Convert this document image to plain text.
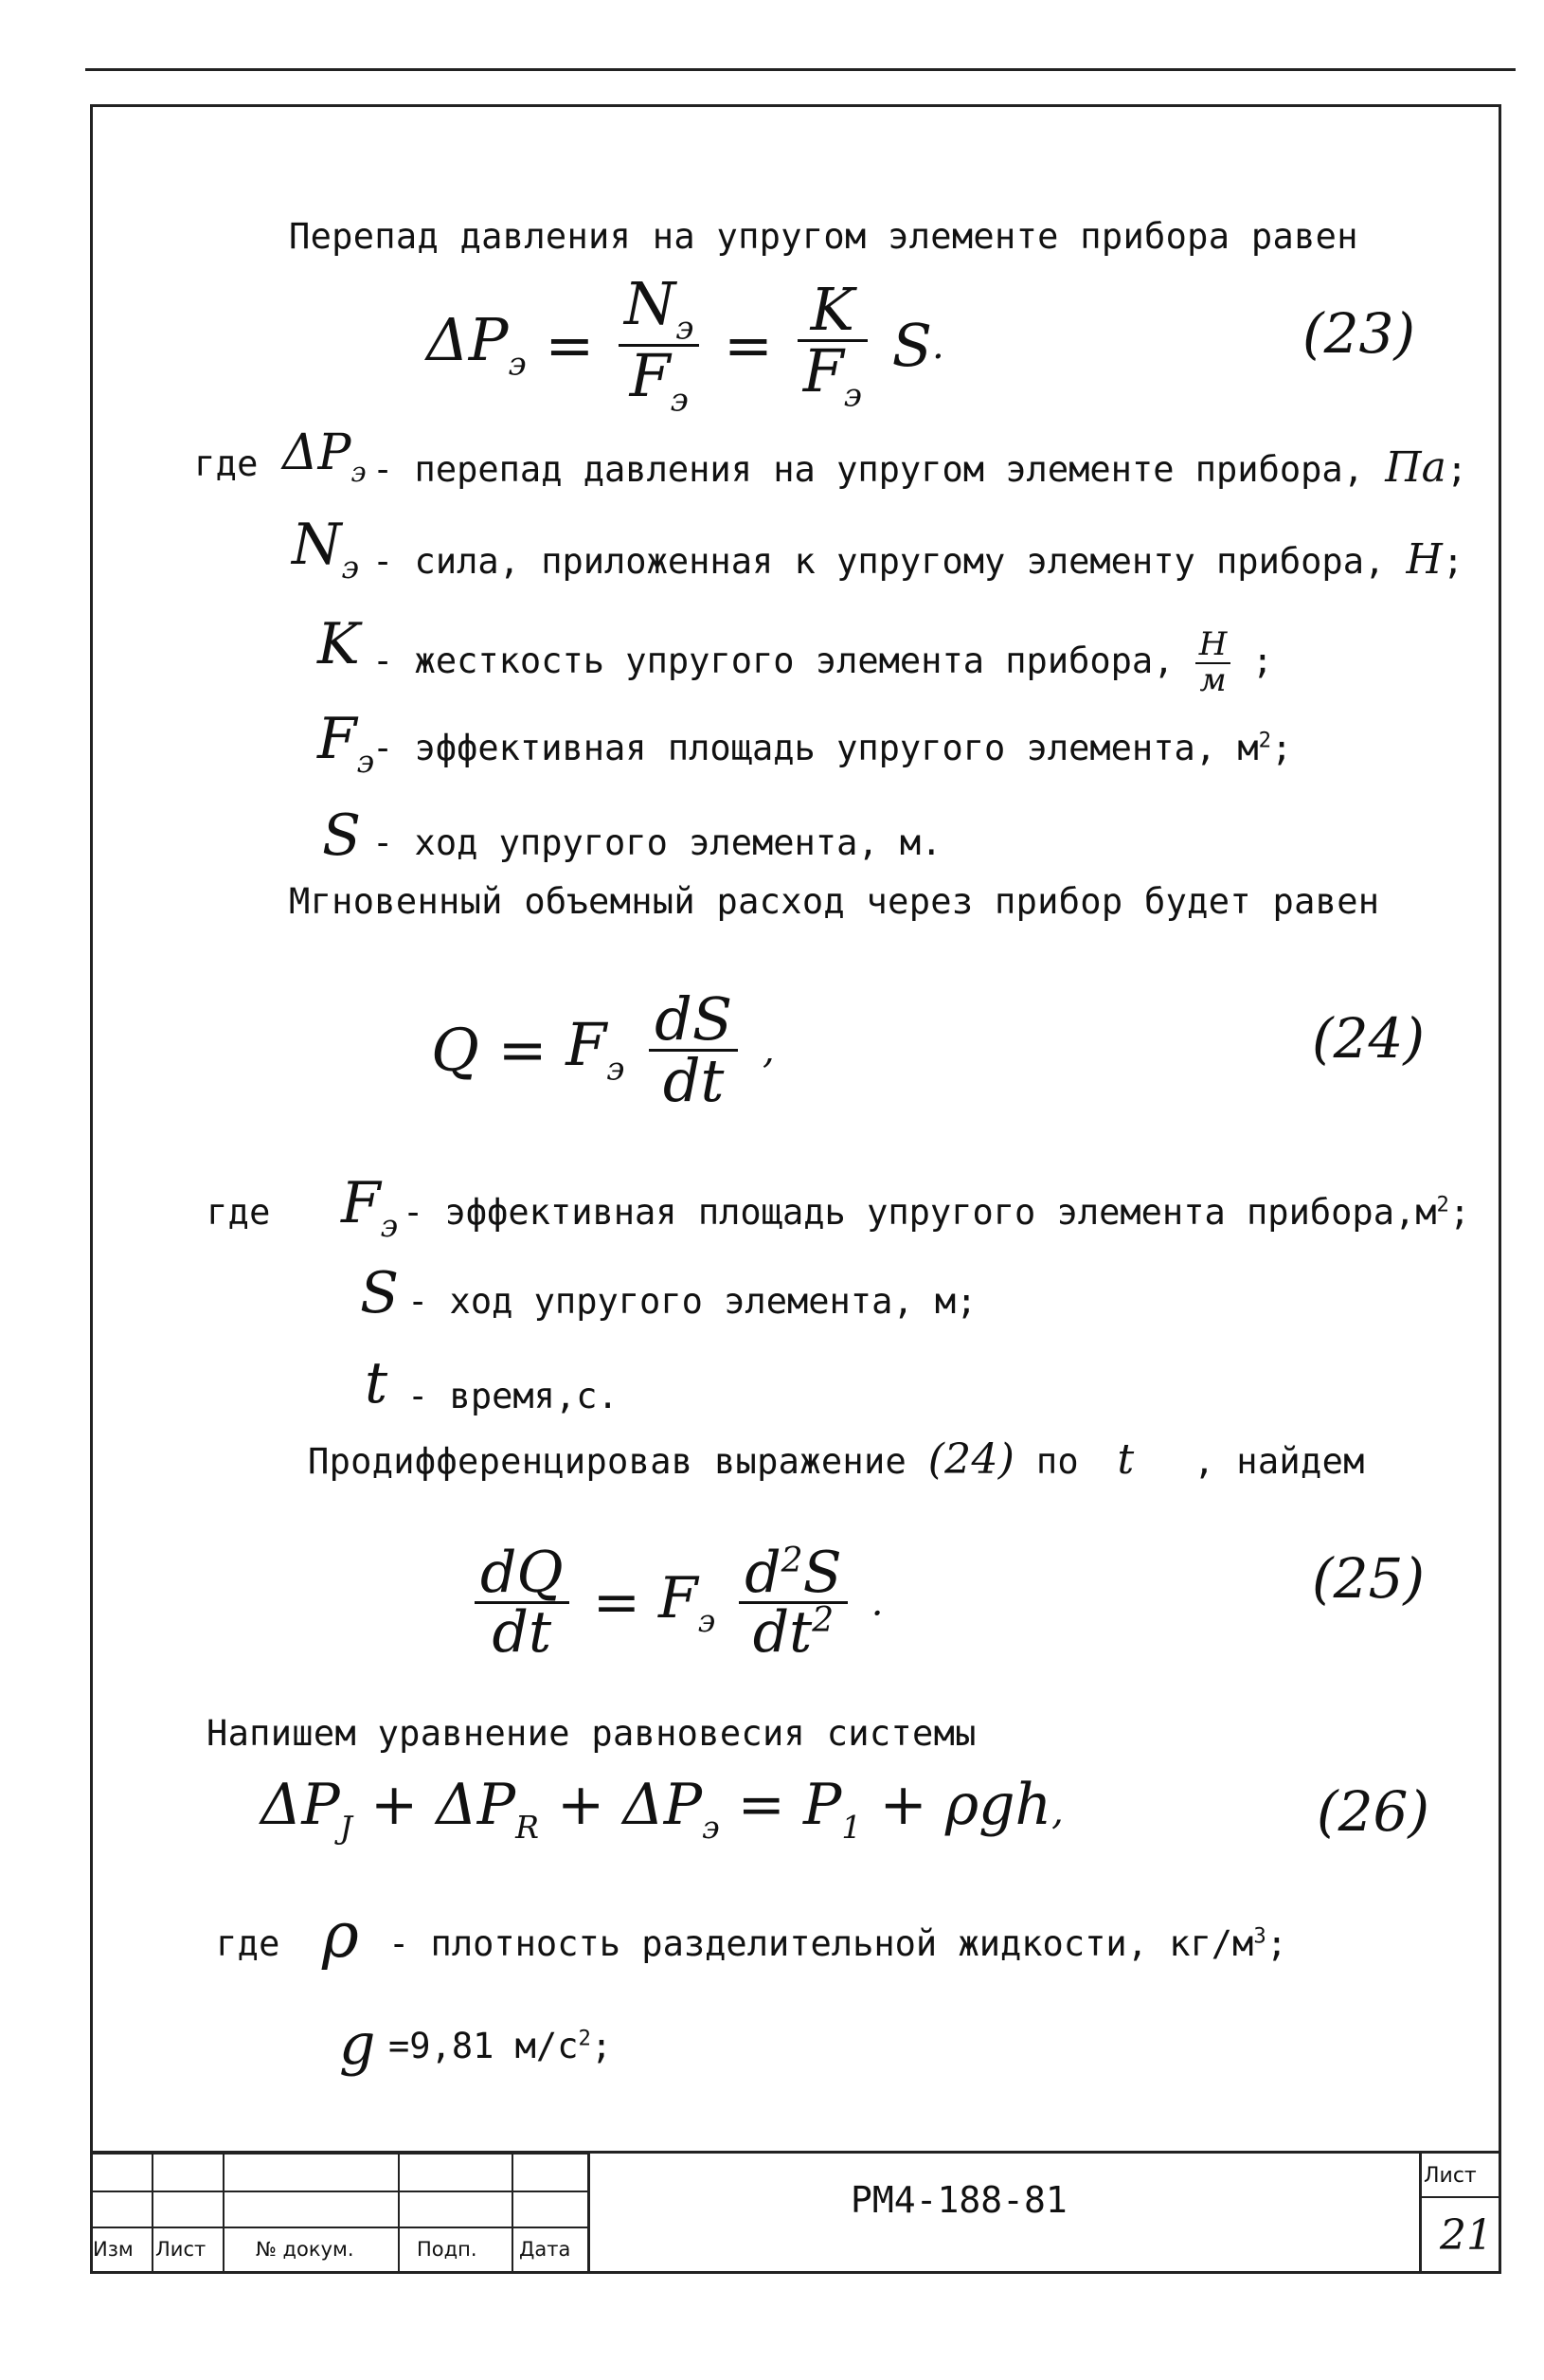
Перепад давления на упругом элементе прибора равен
$\Delta P_э$ =
$N_э$
$F_э$
=
K
$F_э$
S.	(23)
где $\Delta P_э$ - перепад давления на упругом элементе прибора, Па;
$N_э$ - сила, приложенная к упругому элементу прибора, Н;
K - жесткость упругого элемента прибора, Н
м ;
$F_э$
- эффективная площадь упругого элемента, $м^2$;
S - ход упругого элемента, м.
Мгновенный объемный расход через прибор будет равен
$Q = F_э \frac{dS}{dt}$ ,	(24)
где $F_э$ - эффективная площадь упругого элемента $прибора,м^2$;
S - ход упругого элемента, м;
t - время,с.
Продифференцировав выражение (24) по t , найдем
$\frac{dQ}{dt} = F_э \frac{d^2S}{dt^2}$ .	(25)
Напишем уравнение равновесия системы
$\Delta P_J + \Delta P_R + \Delta P_э = P_1 + \rho gh$,	(26)
где ρ - плотность разделительной жидкости, $кг/м^3$;
g =9,81 $м/с^2$;
Изм Лист	№ докум.	Подп. Дата
РМ4-188-81
Лист
21
